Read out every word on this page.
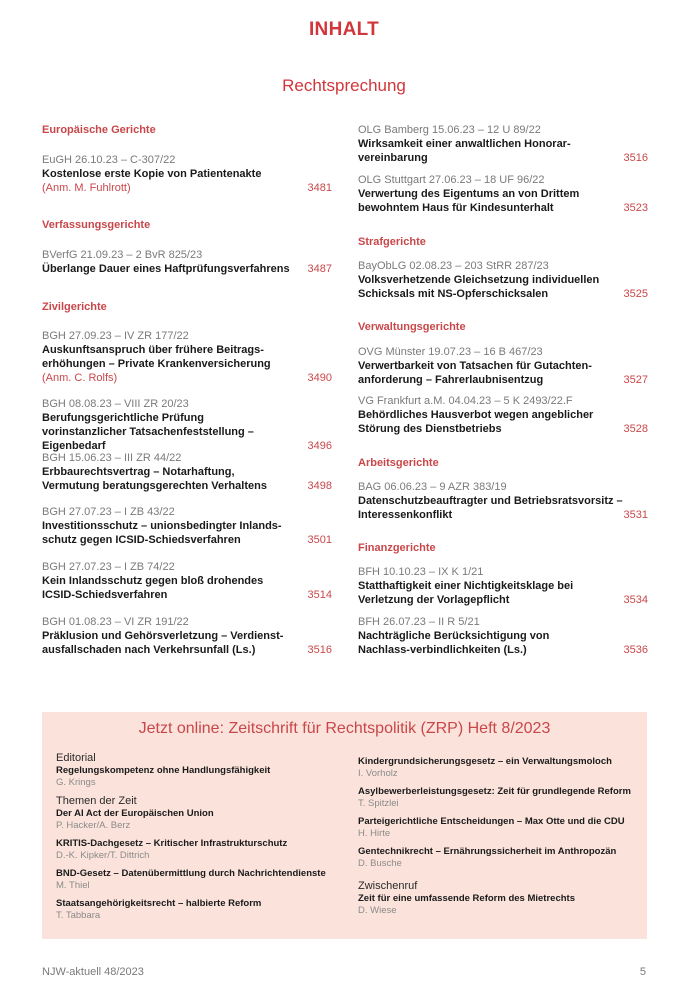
INHALT
Rechtsprechung
Europäische Gerichte
EuGH 26.10.23 – C-307/22
Kostenlose erste Kopie von Patientenakte
(Anm. M. Fuhlrott)	3481
Verfassungsgerichte
BVerfG 21.09.23 – 2 BvR 825/23
Überlange Dauer eines Haftprüfungsverfahrens	3487
Zivilgerichte
BGH 27.09.23 – IV ZR 177/22
Auskunftsanspruch über frühere Beitrags-erhöhungen – Private Krankenversicherung
(Anm. C. Rolfs)	3490
BGH 08.08.23 – VIII ZR 20/23
Berufungsgerichtliche Prüfung vorinstanzlicher Tatsachenfeststellung – Eigenbedarf	3496
BGH 15.06.23 – III ZR 44/22
Erbbaurechtsvertrag – Notarhaftung, Vermutung beratungsgerechten Verhaltens	3498
BGH 27.07.23 – I ZB 43/22
Investitionsschutz – unionsbedingter Inlands-schutz gegen ICSID-Schiedsverfahren	3501
BGH 27.07.23 – I ZB 74/22
Kein Inlandsschutz gegen bloß drohendes ICSID-Schiedsverfahren	3514
BGH 01.08.23 – VI ZR 191/22
Präklusion und Gehörsverletzung – Verdienst-ausfallschaden nach Verkehrsunfall (Ls.)	3516
OLG Bamberg 15.06.23 – 12 U 89/22
Wirksamkeit einer anwaltlichen Honorar-vereinbarung	3516
OLG Stuttgart 27.06.23 – 18 UF 96/22
Verwertung des Eigentums an von Drittem bewohntem Haus für Kindesunterhalt	3523
Strafgerichte
BayObLG 02.08.23 – 203 StRR 287/23
Volksverhetzende Gleichsetzung individuellen Schicksals mit NS-Opferschicksalen	3525
Verwaltungsgerichte
OVG Münster 19.07.23 – 16 B 467/23
Verwertbarkeit von Tatsachen für Gutachten-anforderung – Fahrerlaubnisentzug	3527
VG Frankfurt a.M. 04.04.23 – 5 K 2493/22.F
Behördliches Hausverbot wegen angeblicher Störung des Dienstbetriebs	3528
Arbeitsgerichte
BAG 06.06.23 – 9 AZR 383/19
Datenschutzbeauftragter und Betriebsratsvorsitz – Interessenkonflikt	3531
Finanzgerichte
BFH 10.10.23 – IX K 1/21
Statthaftigkeit einer Nichtigkeitsklage bei Verletzung der Vorlagepflicht	3534
BFH 26.07.23 – II R 5/21
Nachträgliche Berücksichtigung von Nachlass-verbindlichkeiten (Ls.)	3536
Jetzt online: Zeitschrift für Rechtspolitik (ZRP) Heft 8/2023
Editorial
Regelungskompetenz ohne Handlungsfähigkeit
G. Krings
Themen der Zeit
Der AI Act der Europäischen Union
P. Hacker/A. Berz
KRITIS-Dachgesetz – Kritischer Infrastrukturschutz
D.-K. Kipker/T. Dittrich
BND-Gesetz – Datenübermittlung durch Nachrichtendienste
M. Thiel
Staatsangehörigkeitsrecht – halbierte Reform
T. Tabbara
Kindergrundsicherungsgesetz – ein Verwaltungsmoloch
I. Vorholz
Asylbewerberleistungsgesetz: Zeit für grundlegende Reform
T. Spitzlei
Parteigerichtliche Entscheidungen – Max Otte und die CDU
H. Hirte
Gentechnikrecht – Ernährungssicherheit im Anthropozän
D. Busche
Zwischenruf
Zeit für eine umfassende Reform des Mietrechts
D. Wiese
NJW-aktuell 48/2023	5
